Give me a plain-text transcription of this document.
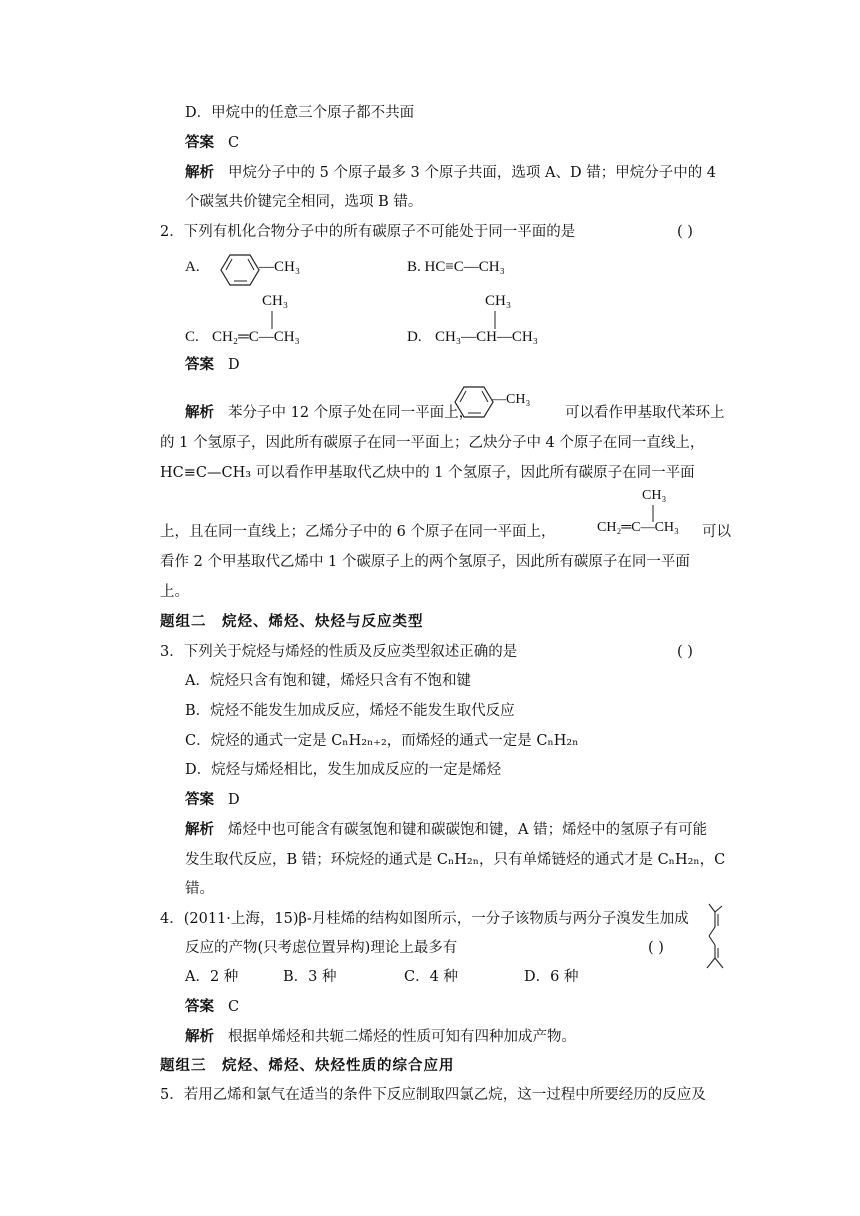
D．甲烷中的任意三个原子都不共面
答案 C
解析 甲烷分子中的 5 个原子最多 3 个原子共面，选项 A、D 错；甲烷分子中的 4
个碳氢共价键完全相同，选项 B 错。
2．下列有机化合物分子中的所有碳原子不可能处于同一平面的是	( )
A.	—CH₃	B. HC≡C—CH₃
CH₃
C. CH₂═C—CH₃
CH₃
D. CH₃—CH—CH₃
答案 D
解析 苯分子中 12 个原子处在同一平面上，
—CH₃
可以看作甲基取代苯环上
的 1 个氢原子，因此所有碳原子在同一平面上；乙炔分子中 4 个原子在同一直线上，
HC≡C—CH₃ 可以看作甲基取代乙炔中的 1 个氢原子，因此所有碳原子在同一平面
CH₃
上，且在同一直线上；乙烯分子中的 6 个原子在同一平面上，	CH₂═C—CH₃ 可以
看作 2 个甲基取代乙烯中 1 个碳原子上的两个氢原子，因此所有碳原子在同一平面
上。
题组二　烷烃、烯烃、炔烃与反应类型
3．下列关于烷烃与烯烃的性质及反应类型叙述正确的是	( )
A．烷烃只含有饱和键，烯烃只含有不饱和键
B．烷烃不能发生加成反应，烯烃不能发生取代反应
C．烷烃的通式一定是 CₙH₂ₙ₊₂，而烯烃的通式一定是 CₙH₂ₙ
D．烷烃与烯烃相比，发生加成反应的一定是烯烃
答案 D
解析 烯烃中也可能含有碳氢饱和键和碳碳饱和键，A 错；烯烃中的氢原子有可能
发生取代反应，B 错；环烷烃的通式是 CₙH₂ₙ，只有单烯链烃的通式才是 CₙH₂ₙ，C
错。
4．(2011·上海，15)β-月桂烯的结构如图所示，一分子该物质与两分子溴发生加成
反应的产物(只考虑位置异构)理论上最多有	( )
A．2 种	B．3 种	C．4 种	D．6 种
答案 C
解析 根据单烯烃和共轭二烯烃的性质可知有四种加成产物。
题组三　烷烃、烯烃、炔烃性质的综合应用
5．若用乙烯和氯气在适当的条件下反应制取四氯乙烷，这一过程中所要经历的反应及
